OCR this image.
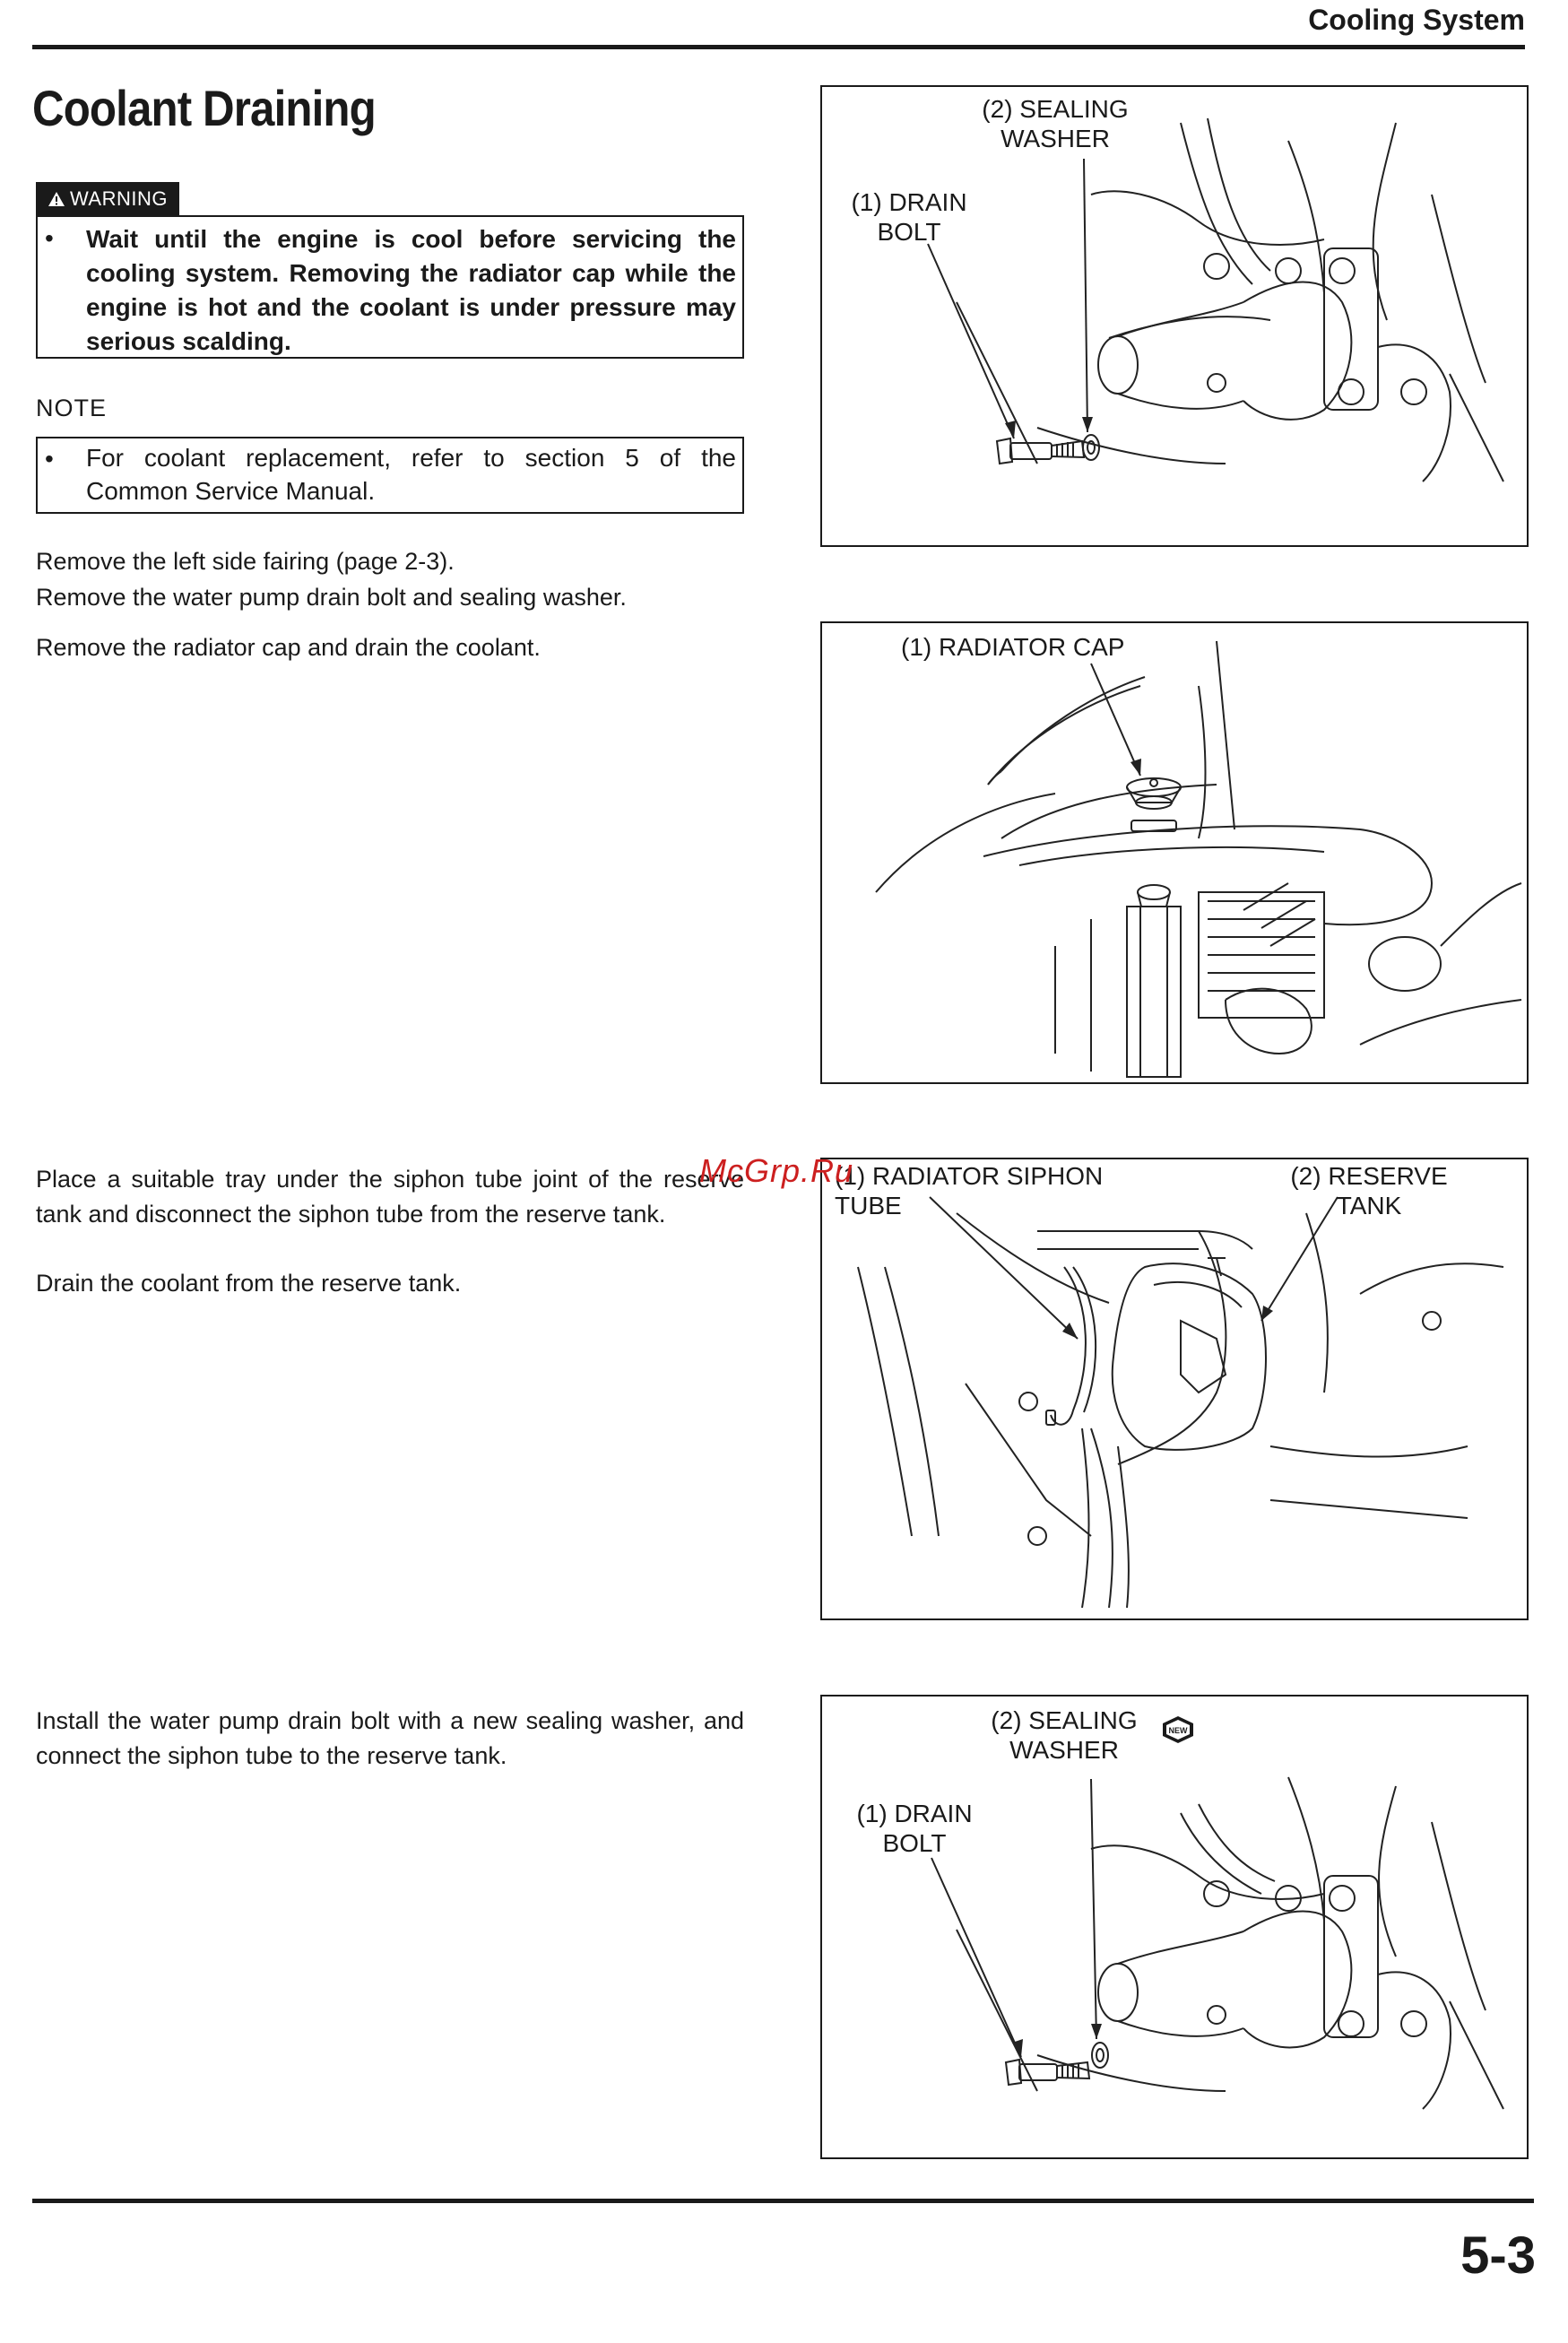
Cooling System
Coolant Draining
WARNING
• Wait until the engine is cool before servicing the cooling system. Removing the radiator cap while the engine is hot and the coolant is under pressure may serious scalding.
NOTE
• For coolant replacement, refer to section 5 of the Common Service Manual.
Remove the left side fairing (page 2-3).
Remove the water pump drain bolt and sealing washer.
Remove the radiator cap and drain the coolant.
Place a suitable tray under the siphon tube joint of the reserve tank and disconnect the siphon tube from the reserve tank.
Drain the coolant from the reserve tank.
Install the water pump drain bolt with a new sealing washer, and connect the siphon tube to the reserve tank.
(2) SEALING
WASHER
(1) DRAIN
BOLT
(1) RADIATOR CAP
(1) RADIATOR SIPHON
TUBE
(2) RESERVE
TANK
(2) SEALING
WASHER
(1) DRAIN
BOLT
NEW
McGrp.Ru
5-3
